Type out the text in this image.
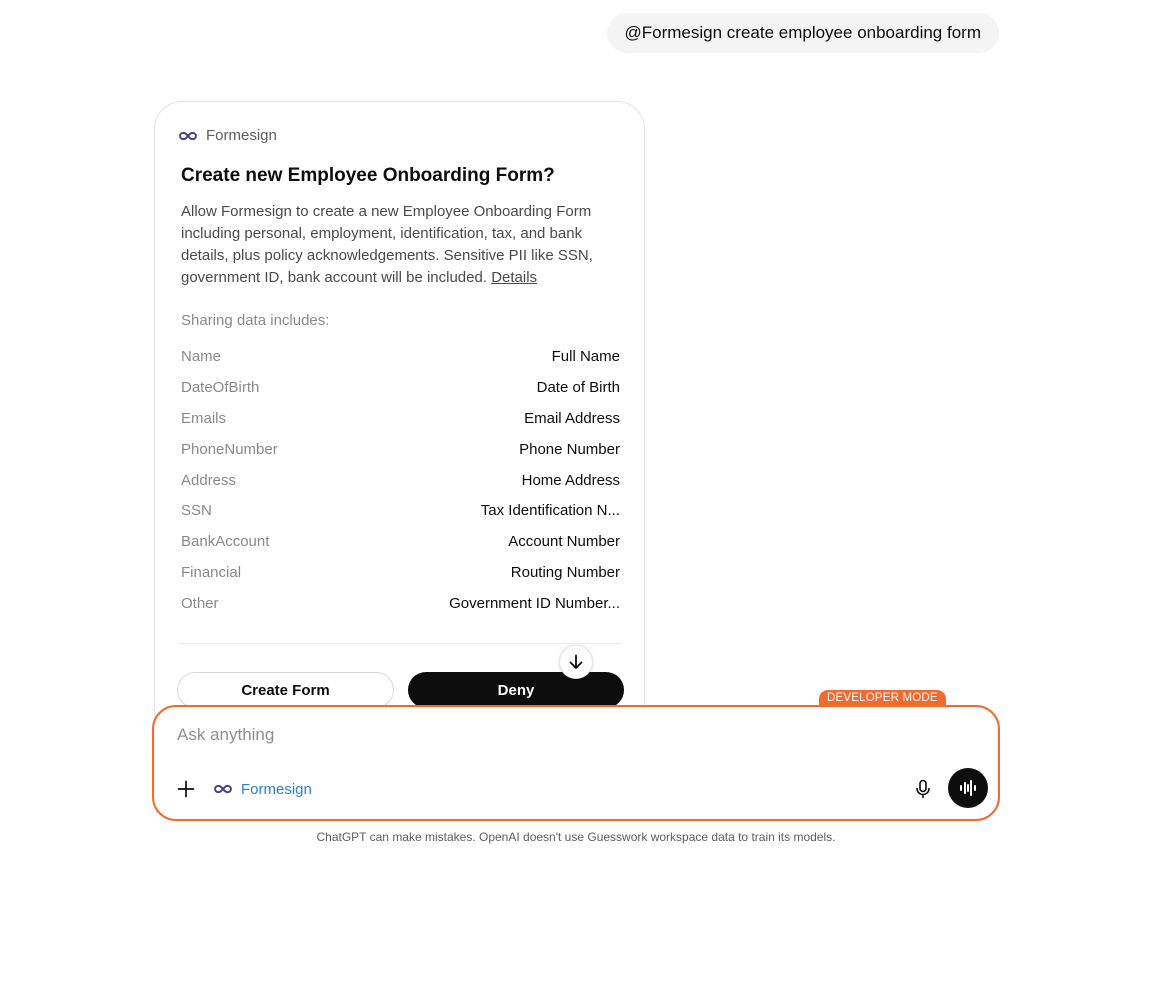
@Formesign create employee onboarding form
Formesign
Create new Employee Onboarding Form?
Allow Formesign to create a new Employee Onboarding Form including personal, employment, identification, tax, and bank details, plus policy acknowledgements. Sensitive PII like SSN, government ID, bank account will be included. Details
Sharing data includes:
Name	Full Name
DateOfBirth	Date of Birth
Emails	Email Address
PhoneNumber	Phone Number
Address	Home Address
SSN	Tax Identification N...
BankAccount	Account Number
Financial	Routing Number
Other	Government ID Number...
Create Form	Deny	DEVELOPER MODE
Ask anything
Formesign
ChatGPT can make mistakes. OpenAI doesn't use Guesswork workspace data to train its models.
